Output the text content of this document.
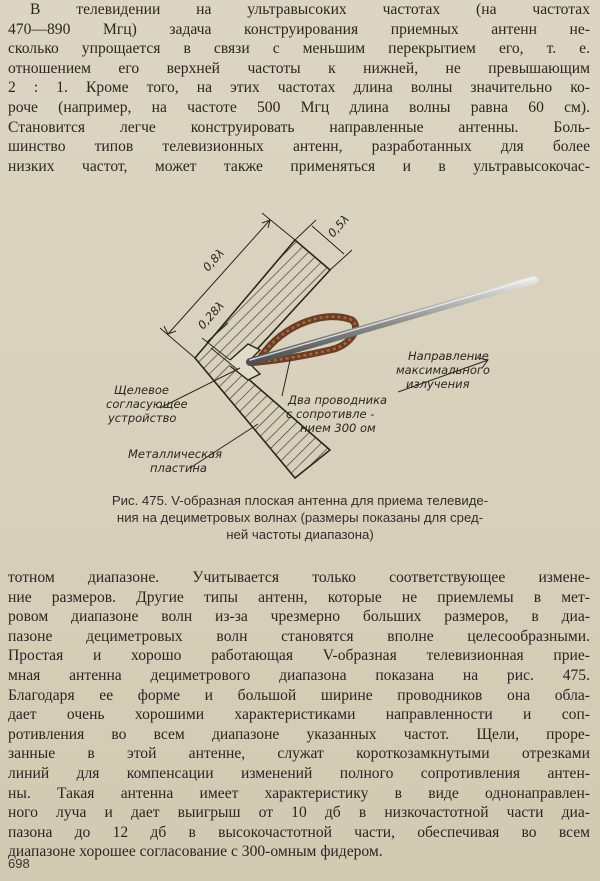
В телевидении на ультравысоких частотах (на частотах
470—890 Мгц) задача конструирования приемных антенн не-
сколько упрощается в связи с меньшим перекрытием его, т. е.
отношением его верхней частоты к нижней, не превышающим
2 : 1. Кроме того, на этих частотах длина волны значительно ко-
роче (например, на частоте 500 Мгц длина волны равна 60 см).
Становится легче конструировать направленные антенны. Боль-
шинство типов телевизионных антенн, разработанных для более
низких частот, может также применяться и в ультравысокочас-
0,8λ
0,5λ
0,28λ
Щелевое согласующее устройство
Металлическая пластина
Два проводника с сопротивле - нием 300 ом
Направление максимального излучения
Рис. 475. V-образная плоская антенна для приема телевиде-
ния на дециметровых волнах (размеры показаны для сред-
ней частоты диапазона)
тотном диапазоне. Учитывается только соответствующее измене-
ние размеров. Другие типы антенн, которые не приемлемы в мет-
ровом диапазоне волн из-за чрезмерно больших размеров, в диа-
пазоне дециметровых волн становятся вполне целесообразными.
Простая и хорошо работающая V-образная телевизионная прие-
мная антенна дециметрового диапазона показана на рис. 475.
Благодаря ее форме и большой ширине проводников она обла-
дает очень хорошими характеристиками направленности и соп-
ротивления во всем диапазоне указанных частот. Щели, проре-
занные в этой антенне, служат короткозамкнутыми отрезками
линий для компенсации изменений полного сопротивления антен-
ны. Такая антенна имеет характеристику в виде однонаправлен-
ного луча и дает выигрыш от 10 дб в низкочастотной части диа-
пазона до 12 дб в высокочастотной части, обеспечивая во всем
диапазоне хорошее согласование с 300-омным фидером.
698
